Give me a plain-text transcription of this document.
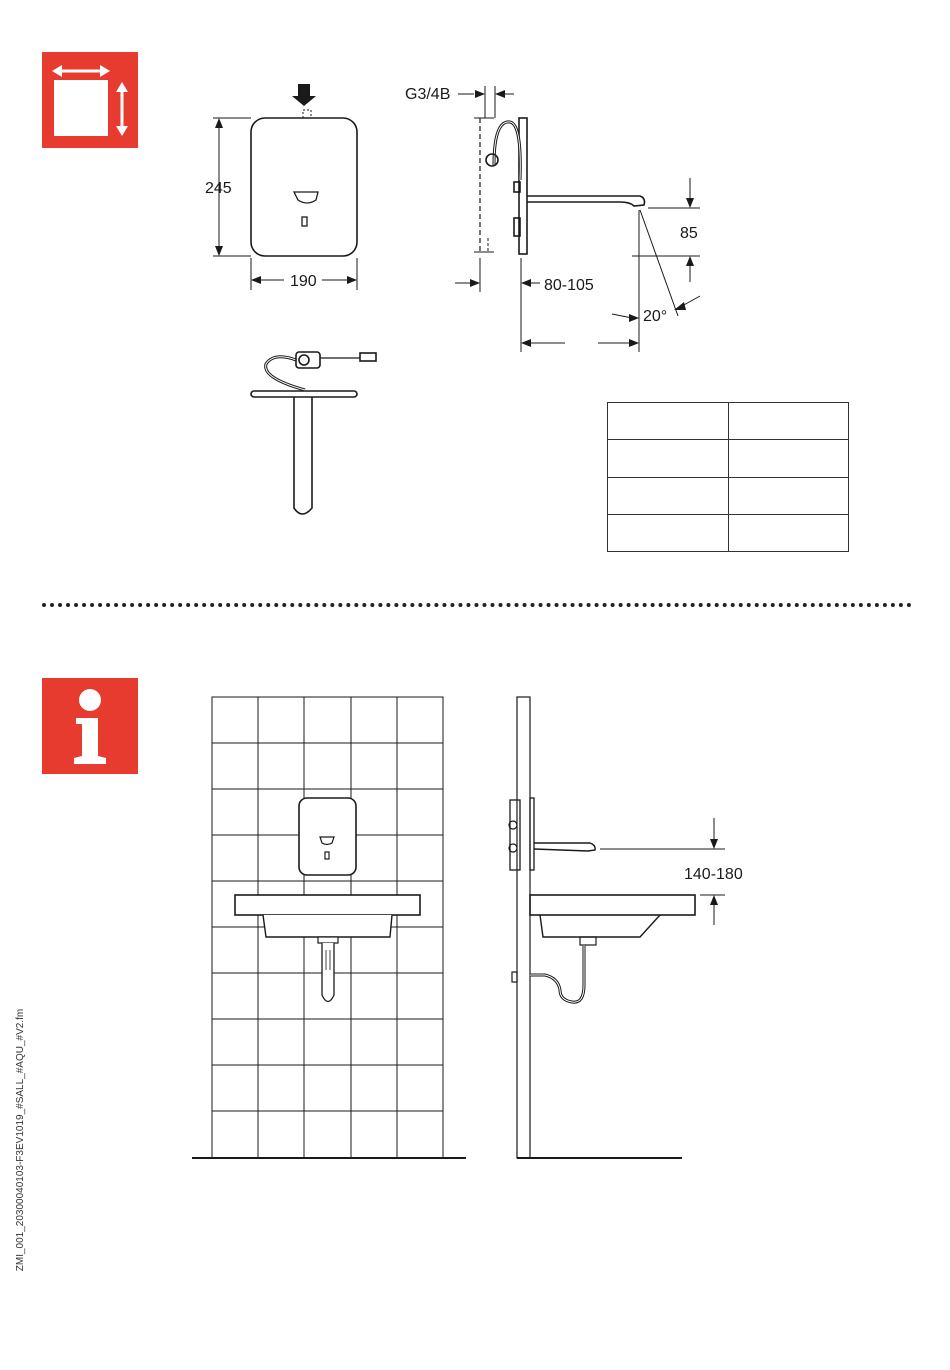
245
190
G3/4B
80-105
85
20°
140-180

ZMI_001_20300040103-F3EV1019_#SALL_#AQU_#V2.fm
